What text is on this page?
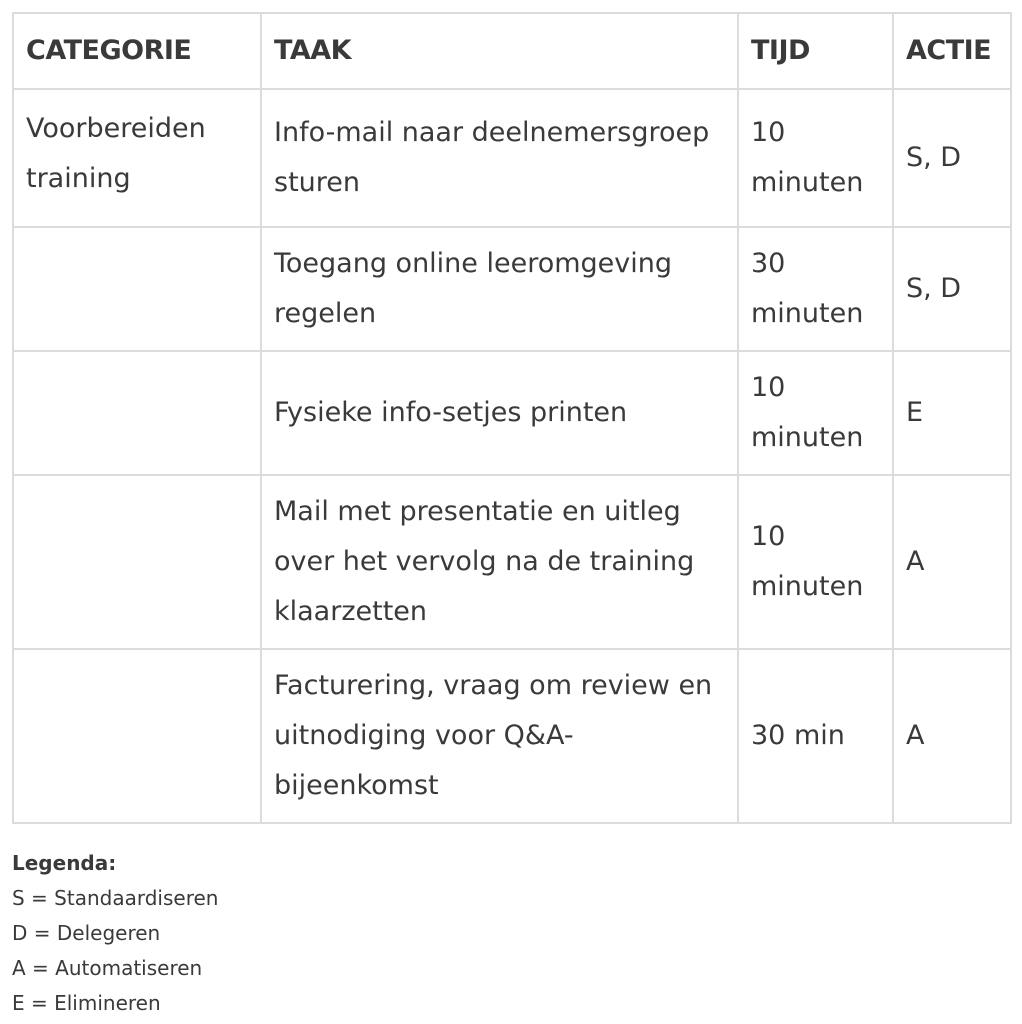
CATEGORIE	TAAK	TIJD	ACTIE
Voorbereiden training	Info-mail naar deelnemersgroep sturen	10 minuten	S, D
	Toegang online leeromgeving regelen	30 minuten	S, D
	Fysieke info-setjes printen	10 minuten	E
	Mail met presentatie en uitleg over het vervolg na de training klaarzetten	10 minuten	A
	Facturering, vraag om review en uitnodiging voor Q&A-bijeenkomst	30 min	A
Legenda:
S = Standaardiseren
D = Delegeren
A = Automatiseren
E = Elimineren
